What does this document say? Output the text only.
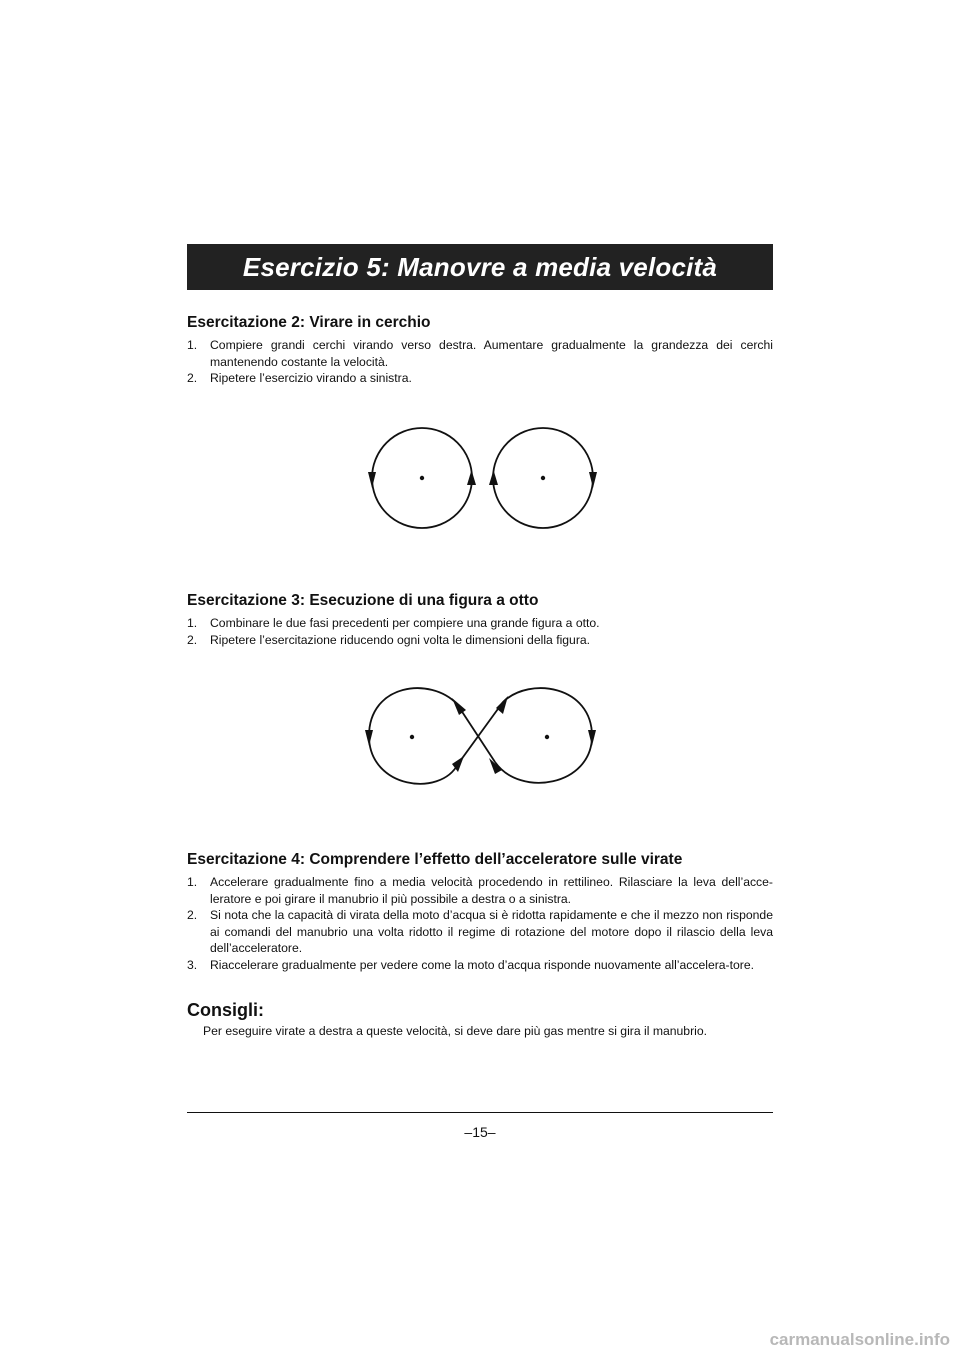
Esercizio 5: Manovre a media velocità
Esercitazione 2: Virare in cerchio
1. Compiere grandi cerchi virando verso destra. Aumentare gradualmente la grandezza dei cerchi mantenendo costante la velocità.
2. Ripetere l’esercizio virando a sinistra.
Esercitazione 3: Esecuzione di una figura a otto
1. Combinare le due fasi precedenti per compiere una grande figura a otto.
2. Ripetere l’esercitazione riducendo ogni volta le dimensioni della figura.
Esercitazione 4: Comprendere l’effetto dell’acceleratore sulle virate
1. Accelerare gradualmente fino a media velocità procedendo in rettilineo. Rilasciare la leva dell’acce-leratore e poi girare il manubrio il più possibile a destra o a sinistra.
2. Si nota che la capacità di virata della moto d’acqua si è ridotta rapidamente e che il mezzo non risponde ai comandi del manubrio una volta ridotto il regime di rotazione del motore dopo il rilascio della leva dell’acceleratore.
3. Riaccelerare gradualmente per vedere come la moto d’acqua risponde nuovamente all’accelera-tore.
Consigli:

Per eseguire virate a destra a queste velocità, si deve dare più gas mentre si gira il manubrio.

–15–
carmanualsonline.info
